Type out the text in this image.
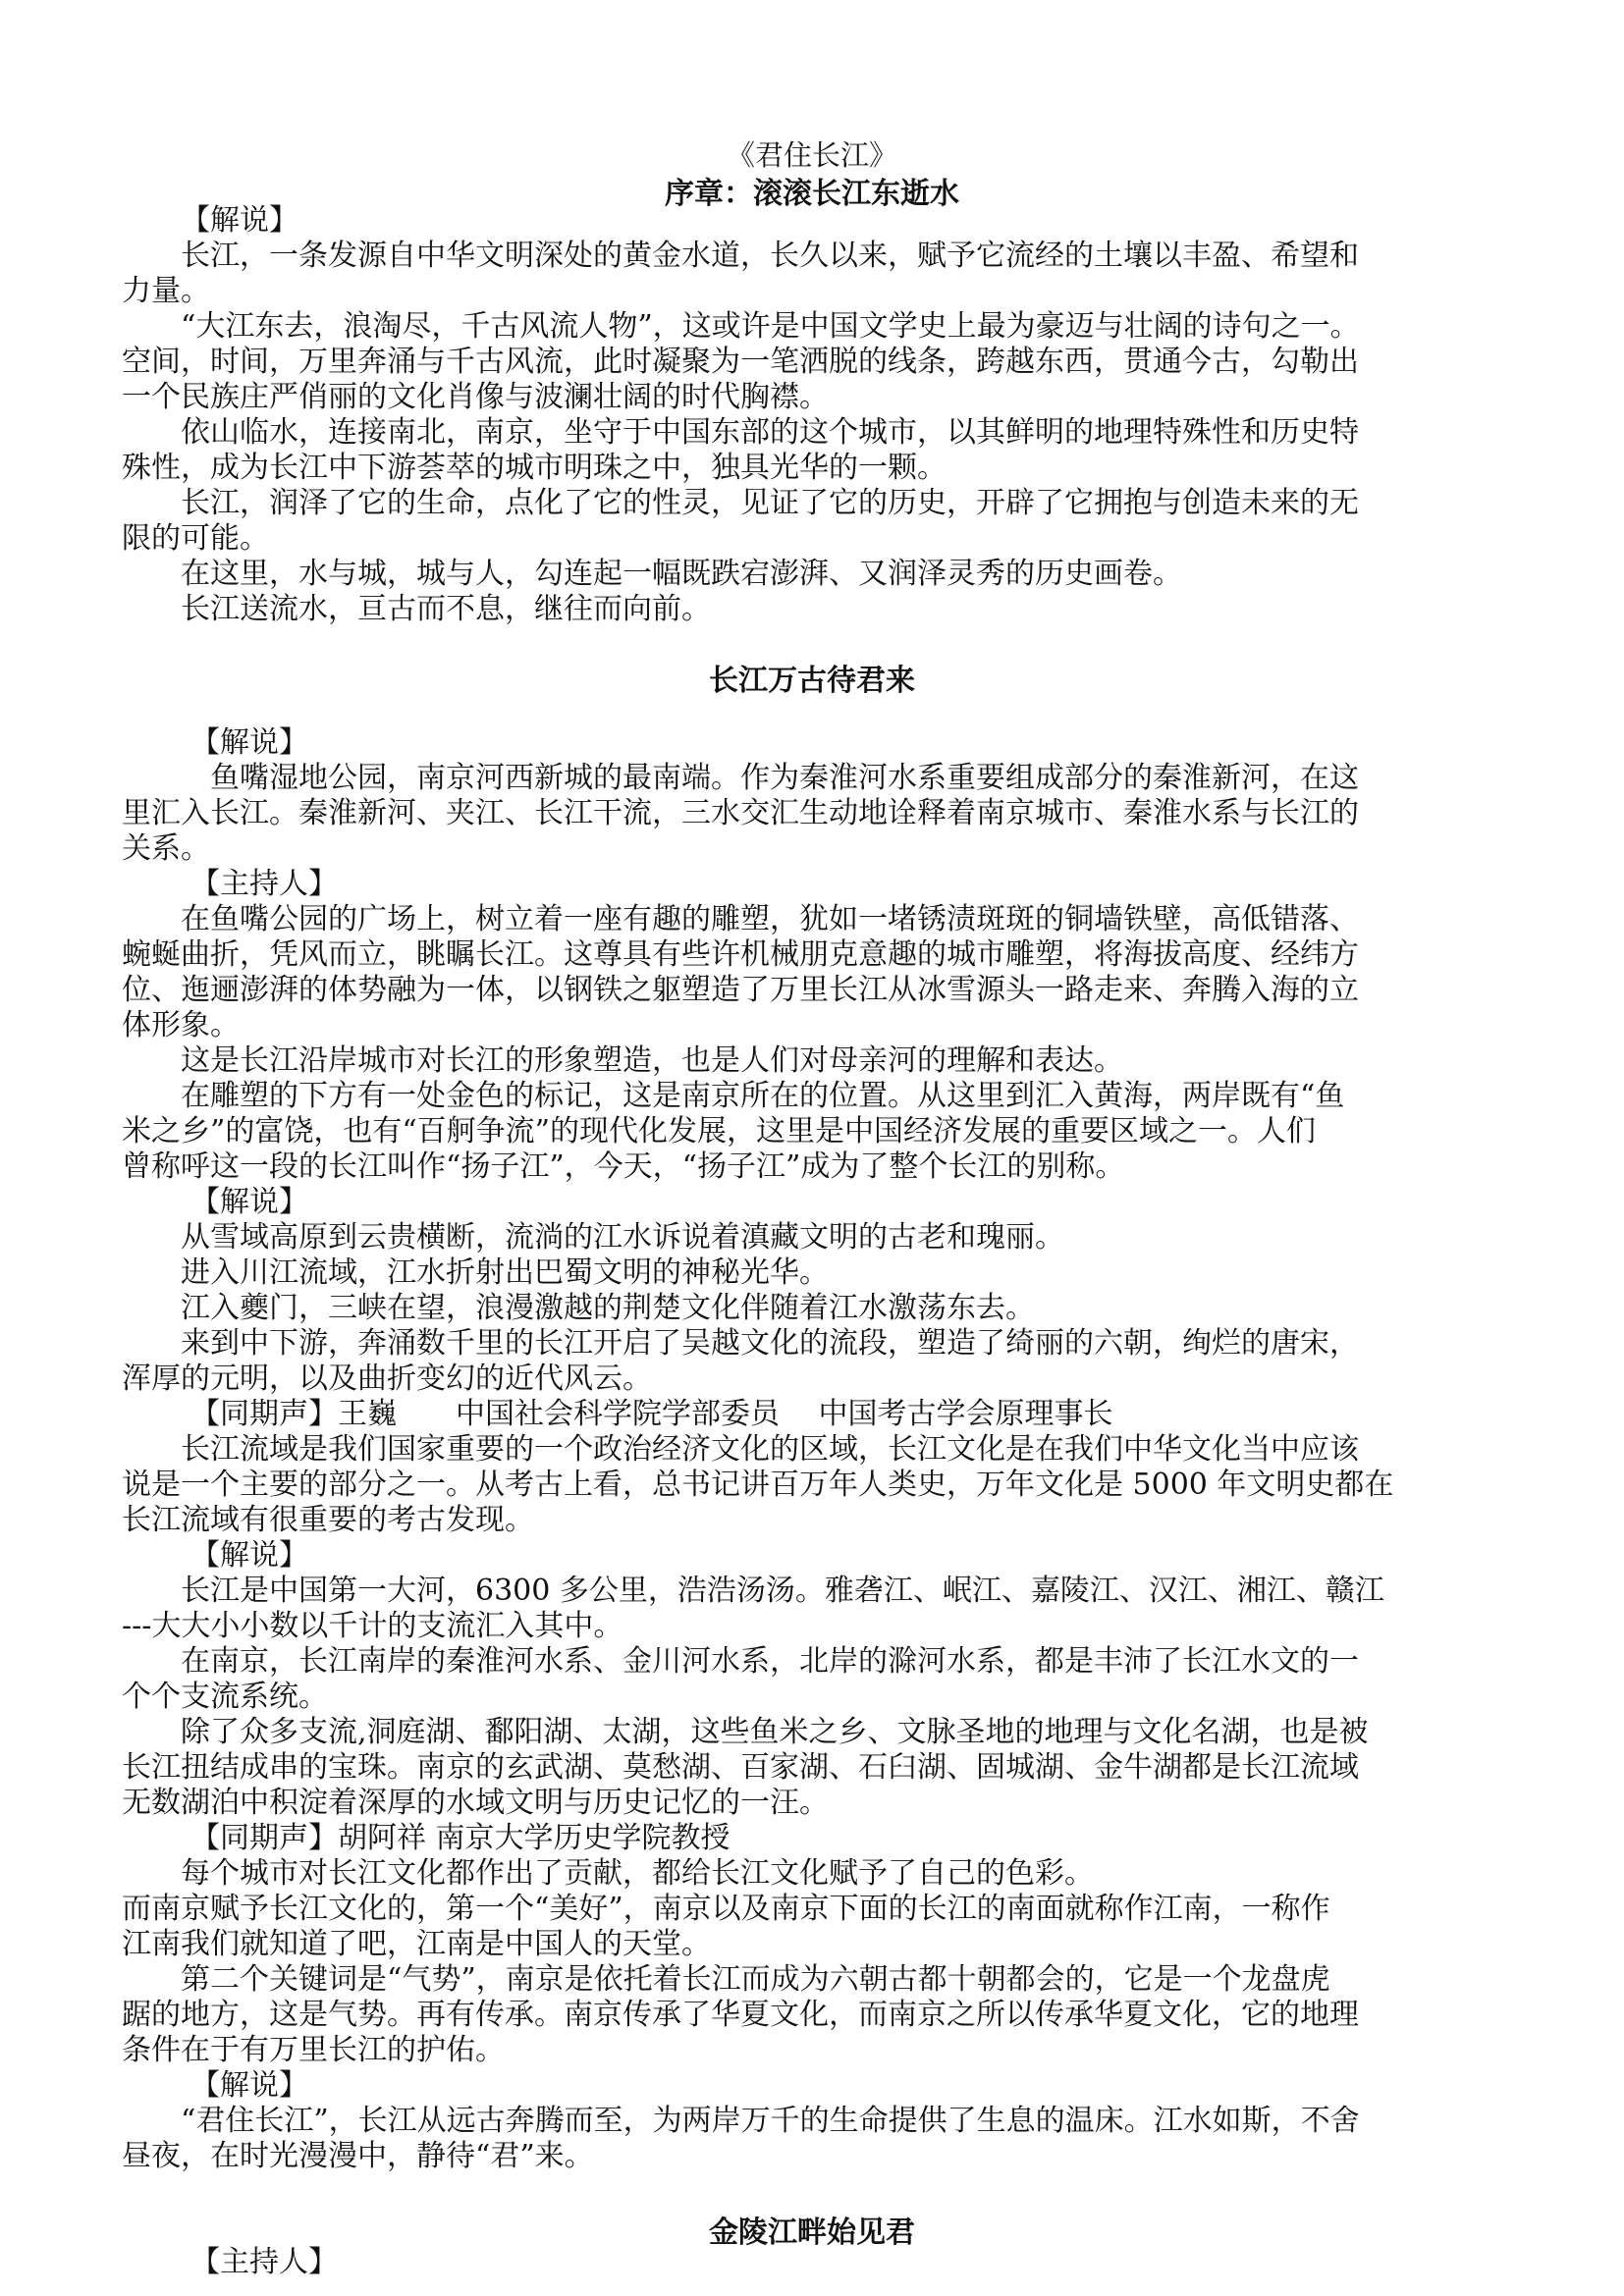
《君住长江》
序章：滚滚长江东逝水
【解说】
长江，一条发源自中华文明深处的黄金水道，长久以来，赋予它流经的土壤以丰盈、希望和
力量。
“大江东去，浪淘尽，千古风流人物”，这或许是中国文学史上最为豪迈与壮阔的诗句之一。
空间，时间，万里奔涌与千古风流，此时凝聚为一笔洒脱的线条，跨越东西，贯通今古，勾勒出
一个民族庄严俏丽的文化肖像与波澜壮阔的时代胸襟。
依山临水，连接南北，南京，坐守于中国东部的这个城市，以其鲜明的地理特殊性和历史特
殊性，成为长江中下游荟萃的城市明珠之中，独具光华的一颗。
长江，润泽了它的生命，点化了它的性灵，见证了它的历史，开辟了它拥抱与创造未来的无
限的可能。
在这里，水与城，城与人，勾连起一幅既跌宕澎湃、又润泽灵秀的历史画卷。
长江送流水，亘古而不息，继往而向前。
长江万古待君来
【解说】
鱼嘴湿地公园，南京河西新城的最南端。作为秦淮河水系重要组成部分的秦淮新河，在这
里汇入长江。秦淮新河、夹江、长江干流，三水交汇生动地诠释着南京城市、秦淮水系与长江的
关系。
【主持人】
在鱼嘴公园的广场上，树立着一座有趣的雕塑，犹如一堵锈渍斑斑的铜墙铁壁，高低错落、
蜿蜒曲折，凭风而立，眺瞩长江。这尊具有些许机械朋克意趣的城市雕塑，将海拔高度、经纬方
位、迤逦澎湃的体势融为一体，以钢铁之躯塑造了万里长江从冰雪源头一路走来、奔腾入海的立
体形象。
这是长江沿岸城市对长江的形象塑造，也是人们对母亲河的理解和表达。
在雕塑的下方有一处金色的标记，这是南京所在的位置。从这里到汇入黄海，两岸既有“鱼
米之乡”的富饶，也有“百舸争流”的现代化发展，这里是中国经济发展的重要区域之一。人们
曾称呼这一段的长江叫作“扬子江”，今天，“扬子江”成为了整个长江的别称。
【解说】
从雪域高原到云贵横断，流淌的江水诉说着滇藏文明的古老和瑰丽。
进入川江流域，江水折射出巴蜀文明的神秘光华。
江入夔门，三峡在望，浪漫激越的荆楚文化伴随着江水激荡东去。
来到中下游，奔涌数千里的长江开启了吴越文化的流段，塑造了绮丽的六朝，绚烂的唐宋，
浑厚的元明，以及曲折变幻的近代风云。
【同期声】王巍　　中国社会科学院学部委员　 中国考古学会原理事长
长江流域是我们国家重要的一个政治经济文化的区域，长江文化是在我们中华文化当中应该
说是一个主要的部分之一。从考古上看，总书记讲百万年人类史，万年文化是 5000 年文明史都在
长江流域有很重要的考古发现。
【解说】
长江是中国第一大河，6300 多公里，浩浩汤汤。雅砻江、岷江、嘉陵江、汉江、湘江、赣江
---大大小小数以千计的支流汇入其中。
在南京，长江南岸的秦淮河水系、金川河水系，北岸的滁河水系，都是丰沛了长江水文的一
个个支流系统。
除了众多支流,洞庭湖、鄱阳湖、太湖，这些鱼米之乡、文脉圣地的地理与文化名湖，也是被
长江扭结成串的宝珠。南京的玄武湖、莫愁湖、百家湖、石臼湖、固城湖、金牛湖都是长江流域
无数湖泊中积淀着深厚的水域文明与历史记忆的一汪。
【同期声】胡阿祥 南京大学历史学院教授
每个城市对长江文化都作出了贡献，都给长江文化赋予了自己的色彩。
而南京赋予长江文化的，第一个“美好”，南京以及南京下面的长江的南面就称作江南，一称作
江南我们就知道了吧，江南是中国人的天堂。
第二个关键词是“气势”，南京是依托着长江而成为六朝古都十朝都会的，它是一个龙盘虎
踞的地方，这是气势。再有传承。南京传承了华夏文化，而南京之所以传承华夏文化，它的地理
条件在于有万里长江的护佑。
【解说】
“君住长江”，长江从远古奔腾而至，为两岸万千的生命提供了生息的温床。江水如斯，不舍
昼夜，在时光漫漫中，静待“君”来。
金陵江畔始见君
【主持人】
